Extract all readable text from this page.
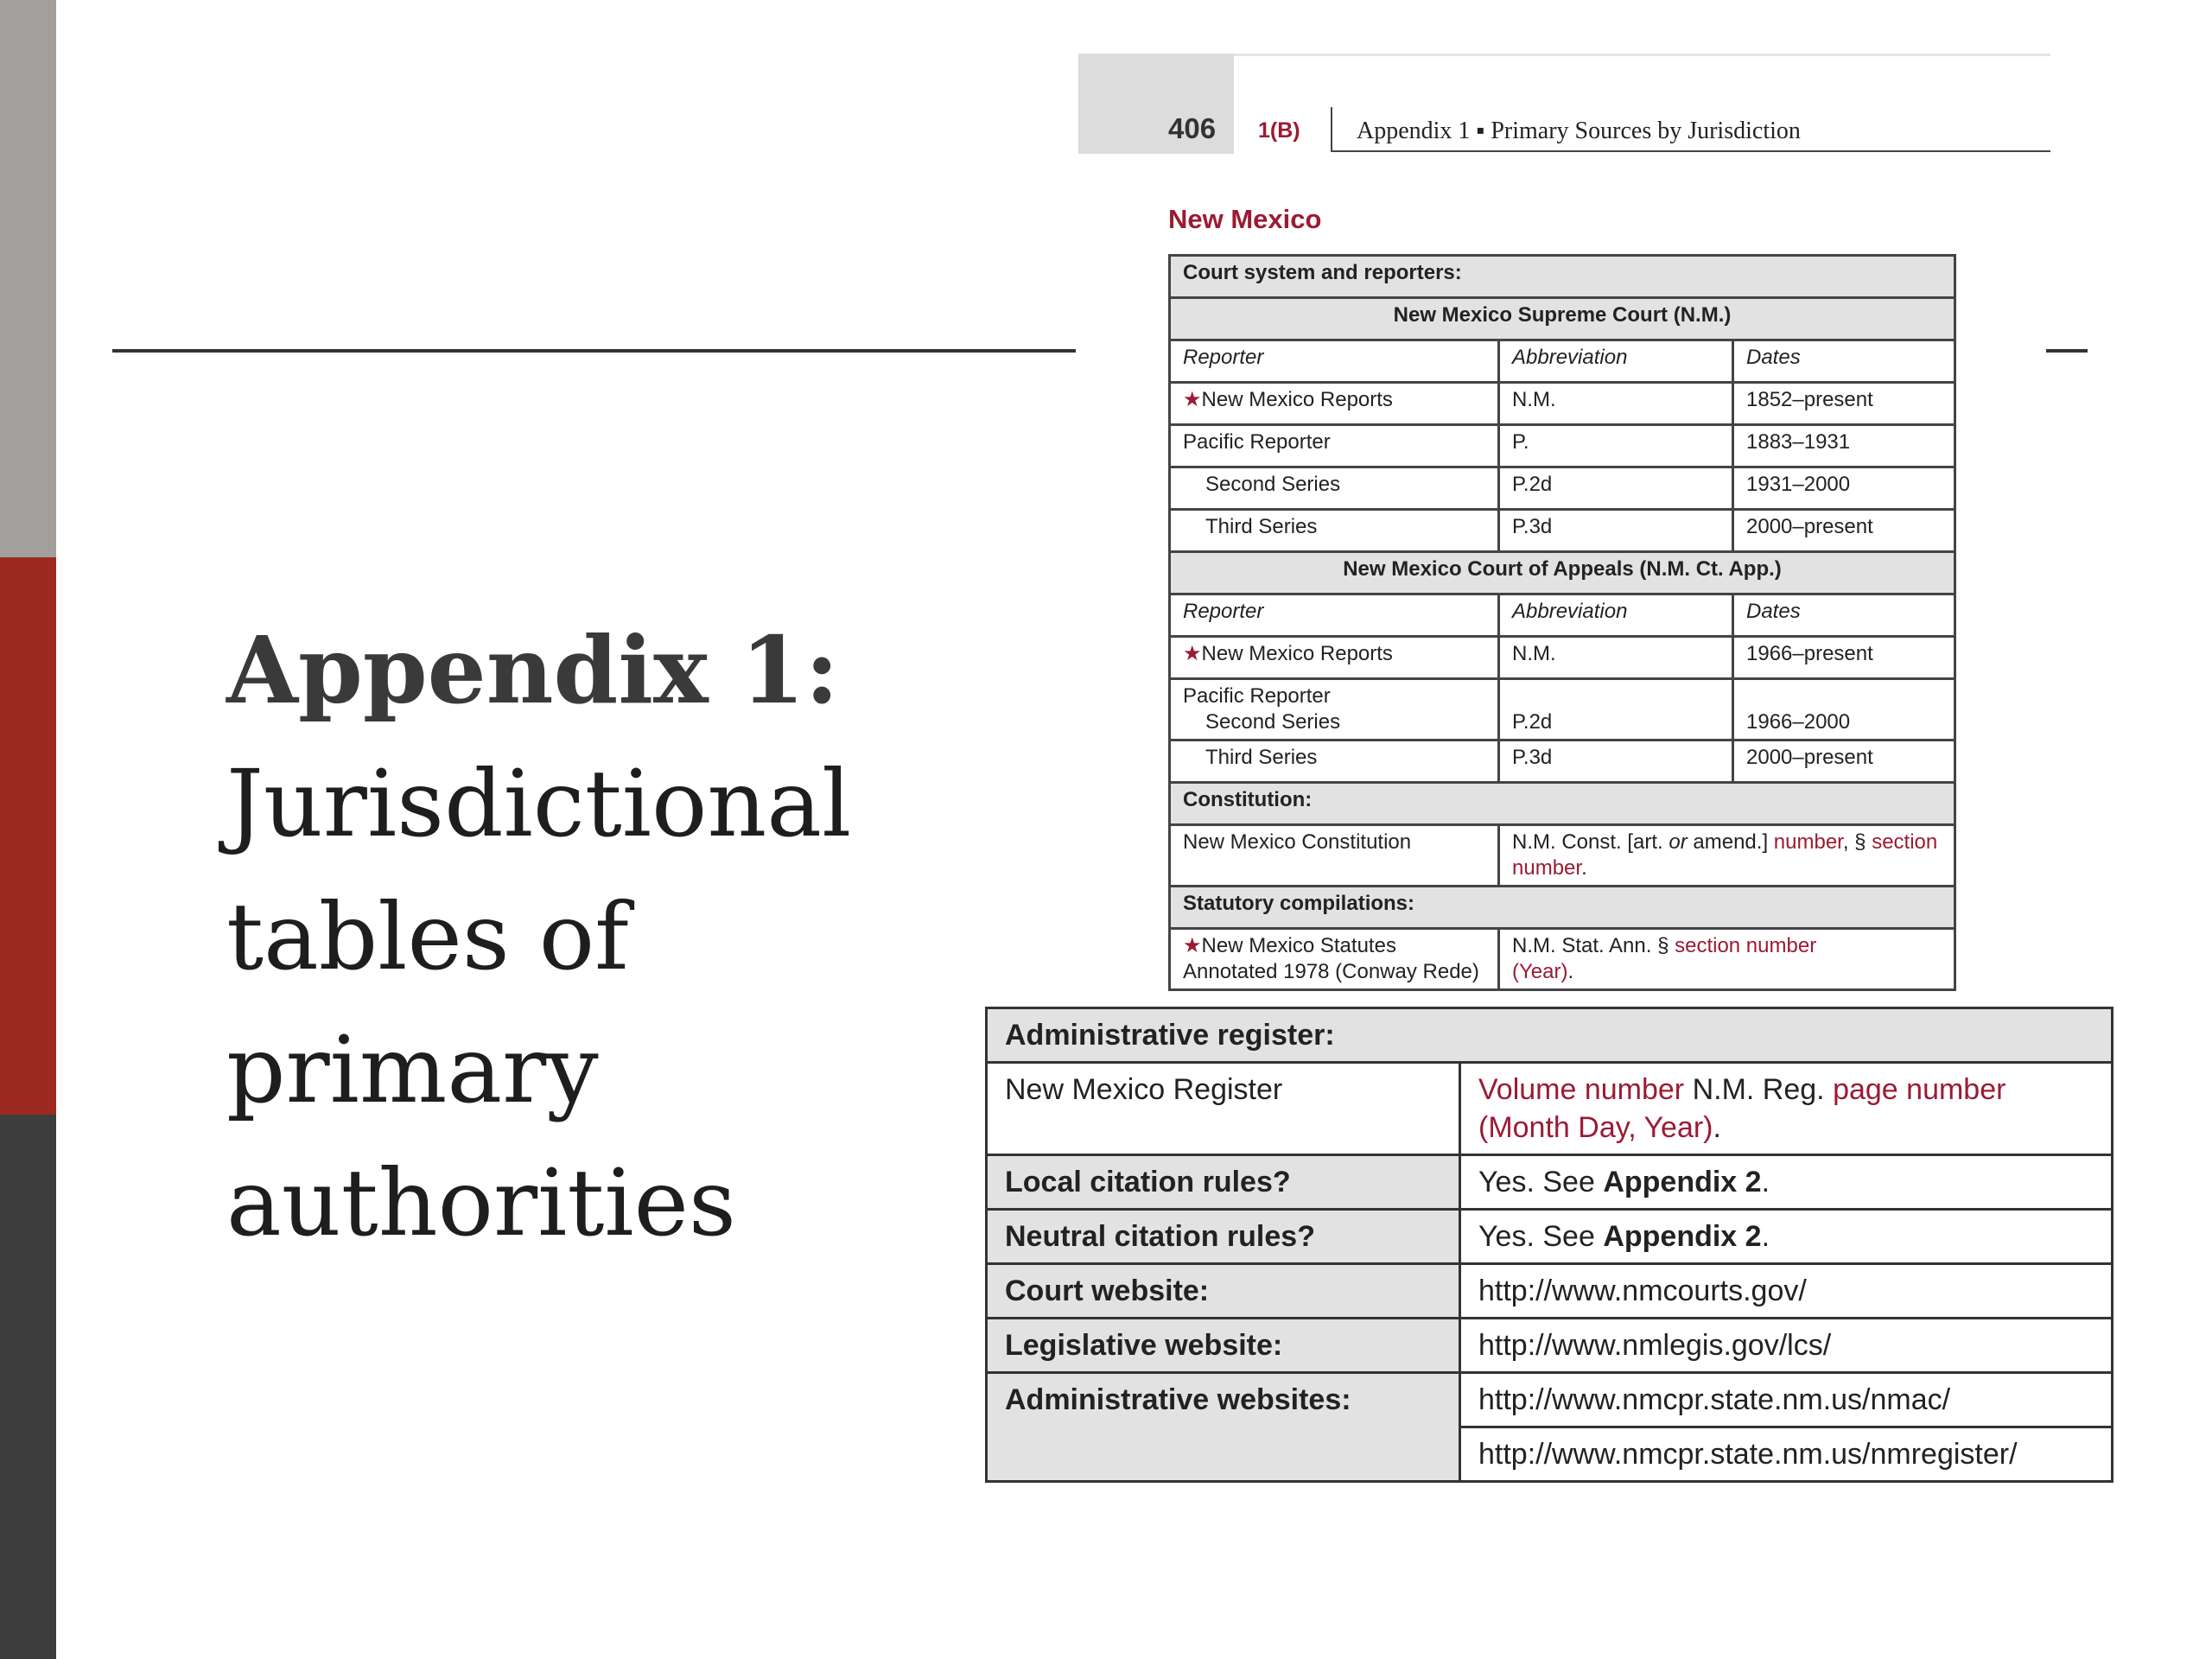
Appendix 1:
Jurisdictional
tables of
primary
authorities
406 1(B) Appendix 1 ▪ Primary Sources by Jurisdiction
New Mexico
Court system and reporters:		
New Mexico Supreme Court (N.M.)		
Reporter	Abbreviation	Dates
★New Mexico Reports	N.M.	1852–present
Pacific Reporter	P.	1883–1931
Second Series	P.2d	1931–2000
Third Series	P.3d	2000–present
New Mexico Court of Appeals (N.M. Ct. App.)		
Reporter	Abbreviation	Dates
★New Mexico Reports	N.M.	1966–present
Pacific Reporter
Second Series	P.2d	1966–2000
Third Series	P.3d	2000–present
Constitution:		
New Mexico Constitution	N.M. Const. [art. or amend.] number, § section number.	
Statutory compilations:		
★New Mexico Statutes Annotated 1978 (Conway Rede)	N.M. Stat. Ann. § section number
(Year).	
Administrative register:	
New Mexico Register	Volume number N.M. Reg. page number
(Month Day, Year).
Local citation rules?	Yes. See Appendix 2.
Neutral citation rules?	Yes. See Appendix 2.
Court website:	http://www.nmcourts.gov/
Legislative website:	http://www.nmlegis.gov/lcs/
Administrative websites:	http://www.nmcpr.state.nm.us/nmac/
	http://www.nmcpr.state.nm.us/nmregister/
